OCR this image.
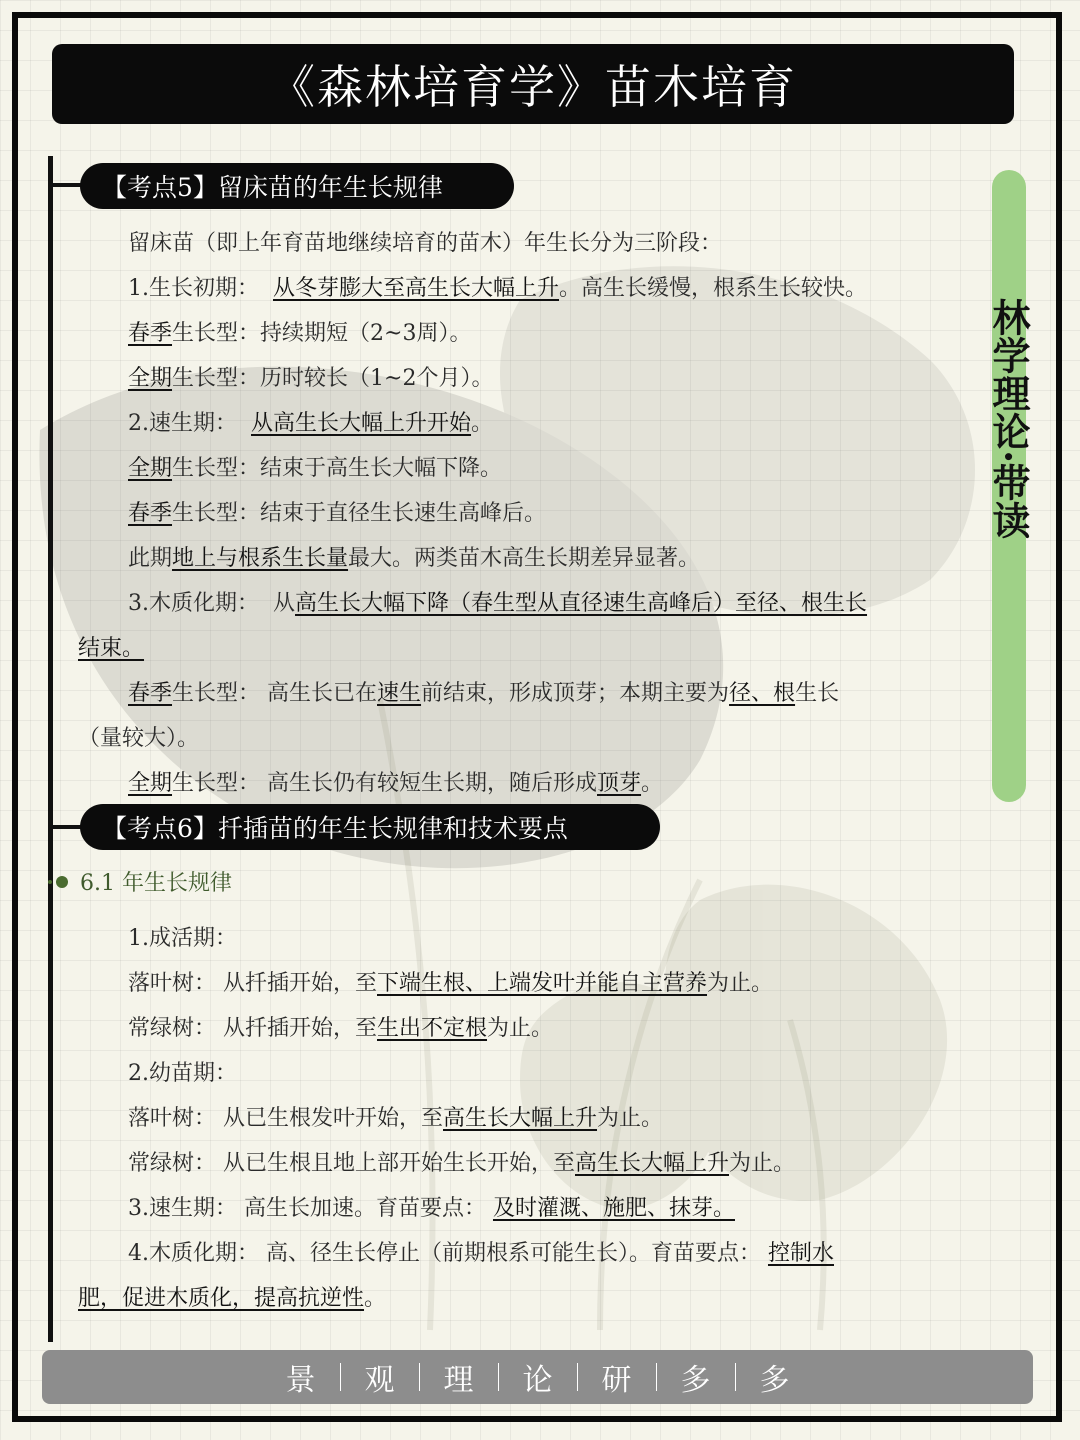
《森林培育学》苗木培育
林学理论·带读
【考点5】留床苗的年生长规律
留床苗（即上年育苗地继续培育的苗木）年生长分为三阶段：
1.生长初期： 从冬芽膨大至高生长大幅上升。高生长缓慢，根系生长较快。
春季生长型：持续期短（2~3周）。
全期生长型：历时较长（1~2个月）。
2.速生期： 从高生长大幅上升开始。
全期生长型：结束于高生长大幅下降。
春季生长型：结束于直径生长速生高峰后。
此期地上与根系生长量最大。两类苗木高生长期差异显著。
3.木质化期： 从高生长大幅下降（春生型从直径速生高峰后）至径、根生长
结束。
春季生长型： 高生长已在速生前结束，形成顶芽；本期主要为径、根生长
（量较大）。
全期生长型： 高生长仍有较短生长期，随后形成顶芽。
【考点6】扦插苗的年生长规律和技术要点
6.1 年生长规律
1.成活期：
落叶树： 从扦插开始，至下端生根、上端发叶并能自主营养为止。
常绿树： 从扦插开始，至生出不定根为止。
2.幼苗期：
落叶树： 从已生根发叶开始，至高生长大幅上升为止。
常绿树： 从已生根且地上部开始生长开始，至高生长大幅上升为止。
3.速生期： 高生长加速。育苗要点： 及时灌溉、施肥、抹芽。
4.木质化期： 高、径生长停止（前期根系可能生长）。育苗要点： 控制水
肥，促进木质化，提高抗逆性。
景	观	理	论	研	多	多
